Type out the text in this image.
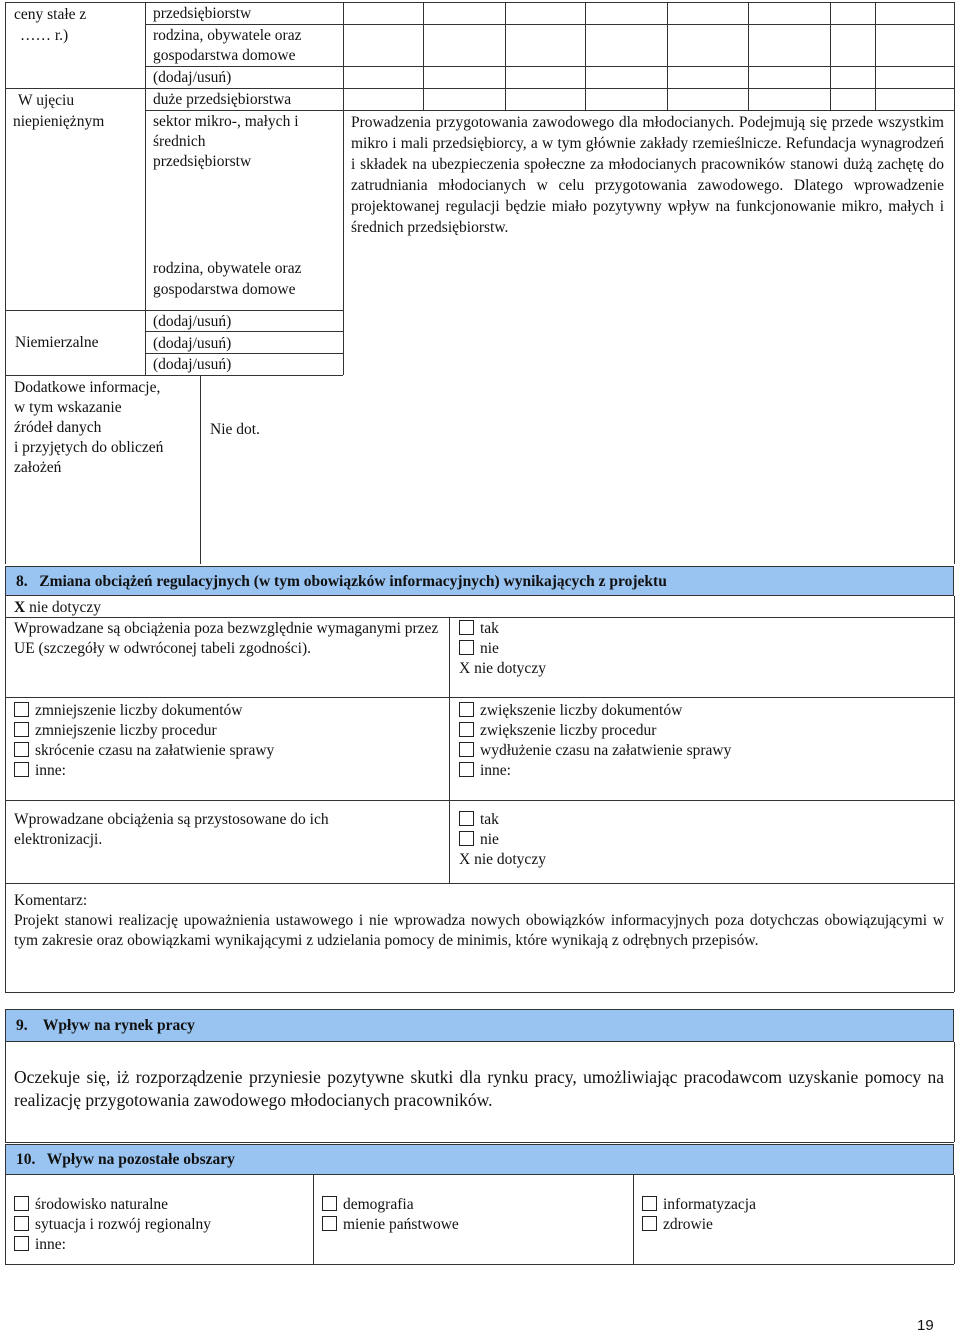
ceny stałe z
…… r.)
W ujęciu
niepieniężnym
Niemierzalne
Dodatkowe informacje,
w tym wskazanie
źródeł danych
i przyjętych do obliczeń
założeń
przedsiębiorstw
rodzina, obywatele oraz
gospodarstwa domowe
(dodaj/usuń)
duże przedsiębiorstwa
sektor mikro-, małych i
średnich
przedsiębiorstw
rodzina, obywatele oraz
gospodarstwa domowe
(dodaj/usuń)
(dodaj/usuń)
(dodaj/usuń)
Nie dot.
Prowadzenia przygotowania zawodowego dla młodocianych. Podejmują się przede wszystkim mikro i mali przedsiębiorcy, a w tym głównie zakłady rzemieślnicze. Refundacja wynagrodzeń i składek na ubezpieczenia społeczne za młodocianych pracowników stanowi dużą zachętę do zatrudniania młodocianych w celu przygotowania zawodowego. Dlatego wprowadzenie projektowanej regulacji będzie miało pozytywny wpływ na funkcjonowanie mikro, małych i średnich przedsiębiorstw.
8. Zmiana obciążeń regulacyjnych (w tym obowiązków informacyjnych) wynikających z projektu
X nie dotyczy
Wprowadzane są obciążenia poza bezwzględnie wymaganymi przez UE (szczegóły w odwróconej tabeli zgodności).
tak
nie
X nie dotyczy
zmniejszenie liczby dokumentów
zmniejszenie liczby procedur
skrócenie czasu na załatwienie sprawy
inne:
zwiększenie liczby dokumentów
zwiększenie liczby procedur
wydłużenie czasu na załatwienie sprawy
inne:
Wprowadzane obciążenia są przystosowane do ich elektronizacji.
tak
nie
X nie dotyczy
Komentarz:
Projekt stanowi realizację upoważnienia ustawowego i nie wprowadza nowych obowiązków informacyjnych poza dotychczas obowiązującymi w tym zakresie oraz obowiązkami wynikającymi z udzielania pomocy de minimis, które wynikają z odrębnych przepisów.
9. Wpływ na rynek pracy
Oczekuje się, iż rozporządzenie przyniesie pozytywne skutki dla rynku pracy, umożliwiając pracodawcom uzyskanie pomocy na realizację przygotowania zawodowego młodocianych pracowników.
10. Wpływ na pozostałe obszary
środowisko naturalne
sytuacja i rozwój regionalny
inne:
demografia
mienie państwowe
informatyzacja
zdrowie
19
